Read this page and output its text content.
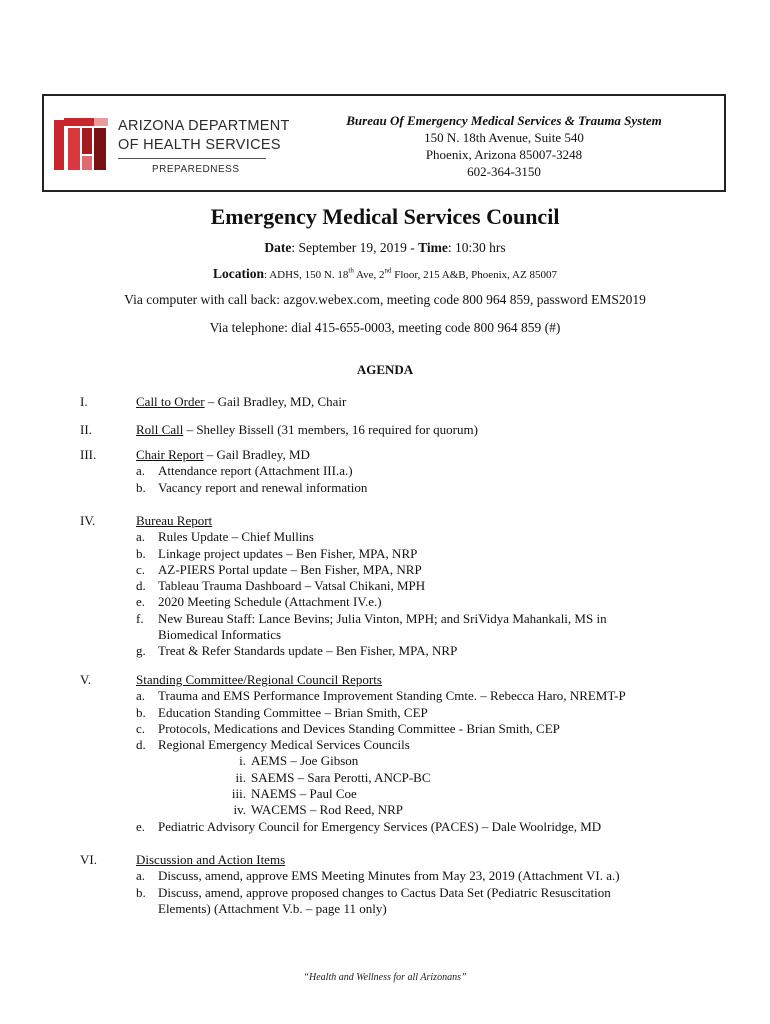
ARIZONA DEPARTMENT
OF HEALTH SERVICES
PREPAREDNESS
Bureau Of Emergency Medical Services & Trauma System
150 N. 18th Avenue, Suite 540
Phoenix, Arizona 85007-3248
602-364-3150
Emergency Medical Services Council
Date: September 19, 2019 - Time: 10:30 hrs
Location: ADHS, 150 N. 18th Ave, 2nd Floor, 215 A&B, Phoenix, AZ 85007
Via computer with call back: azgov.webex.com, meeting code 800 964 859, password EMS2019
Via telephone: dial 415-655-0003, meeting code 800 964 859 (#)
AGENDA
I.	Call to Order – Gail Bradley, MD, Chair
II.	Roll Call – Shelley Bissell (31 members, 16 required for quorum)
III.	Chair Report – Gail Bradley, MD
a. Attendance report (Attachment III.a.)
b. Vacancy report and renewal information
IV.	Bureau Report
a. Rules Update – Chief Mullins
b. Linkage project updates – Ben Fisher, MPA, NRP
c. AZ-PIERS Portal update – Ben Fisher, MPA, NRP
d. Tableau Trauma Dashboard – Vatsal Chikani, MPH
e. 2020 Meeting Schedule (Attachment IV.e.)
f. New Bureau Staff: Lance Bevins; Julia Vinton, MPH; and SriVidya Mahankali, MS in Biomedical Informatics
g. Treat & Refer Standards update – Ben Fisher, MPA, NRP
V.	Standing Committee/Regional Council Reports
a. Trauma and EMS Performance Improvement Standing Cmte. – Rebecca Haro, NREMT-P
b. Education Standing Committee – Brian Smith, CEP
c. Protocols, Medications and Devices Standing Committee - Brian Smith, CEP
d. Regional Emergency Medical Services Councils
i. AEMS – Joe Gibson
ii. SAEMS – Sara Perotti, ANCP-BC
iii. NAEMS – Paul Coe
iv. WACEMS – Rod Reed, NRP
e. Pediatric Advisory Council for Emergency Services (PACES) – Dale Woolridge, MD
VI.	Discussion and Action Items
a. Discuss, amend, approve EMS Meeting Minutes from May 23, 2019 (Attachment VI. a.)
b. Discuss, amend, approve proposed changes to Cactus Data Set (Pediatric Resuscitation Elements) (Attachment V.b. – page 11 only)
“Health and Wellness for all Arizonans”
